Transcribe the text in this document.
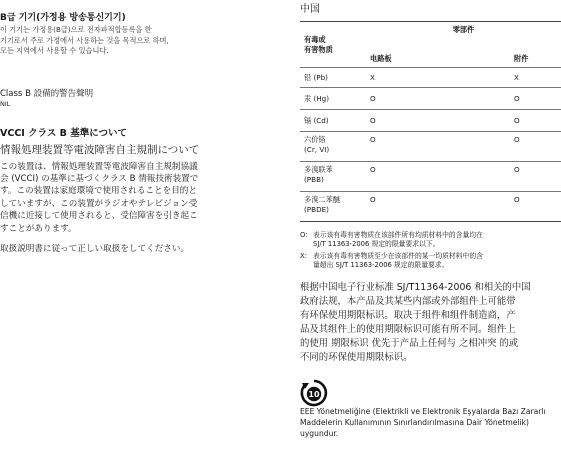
B급 기기(가정용 방송통신기기)

이 기기는 가정용(B급)으로 전자파적합등록을 한

기기로서 주로 가정에서 사용하는 것을 목적으로 하며,

모든 지역에서 사용할 수 있습니다.

Class B 設備的警告聲明
NIL
VCCI クラス B 基準について
情報処理装置等電波障害自主規制について

この装置は、情報処理装置等電波障害自主規制協議

会 (VCCI) の基準に基づくクラス B 情報技術装置で

す。この装置は家庭環境で使用されることを目的と

していますが、この装置がラジオやテレビジョン受

信機に近接して使用されると、受信障害を引き起こ

すことがあります。

取扱説明書に従って正しい取扱をしてください。

中国
有毒或
有害物质	零部件	
	电路板	附件
铅 (Pb)	X	X
汞 (Hg)	O	O
镉 (Cd)	O	O

六价铬
(Cr, VI)	O	O

多溴联苯
(PBB)	O	O

多溴二苯醚
(PBDE)	O	O
O: 表示该有毒有害物质在该部件所有均质材料中的含量均在
SJ/T 11363-2006 规定的限量要求以下。
X: 表示该有毒有害物质至少在该部件的某一均质材料中的含
量超出 SJ/T 11363-2006 规定的限量要求。
根据中国电子行业标准 SJ/T11364-2006 和相关的中国
政府法规，本产品及其某些内部或外部组件上可能带
有环保使用期限标识。取决于组件和组件制造商，产
品及其组件上的使用期限标识可能有所不同。组件上
的使用 期限标识 优先于产品上任何与 之相冲突 的或
不同的环保使用期限标识。
10
EEE Yönetmeliğine (Elektrikli ve Elektronik Eşyalarda Bazı Zararlı
Maddelerin Kullanımının Sınırlandırılmasına Dair Yönetmelik)
uygundur.
